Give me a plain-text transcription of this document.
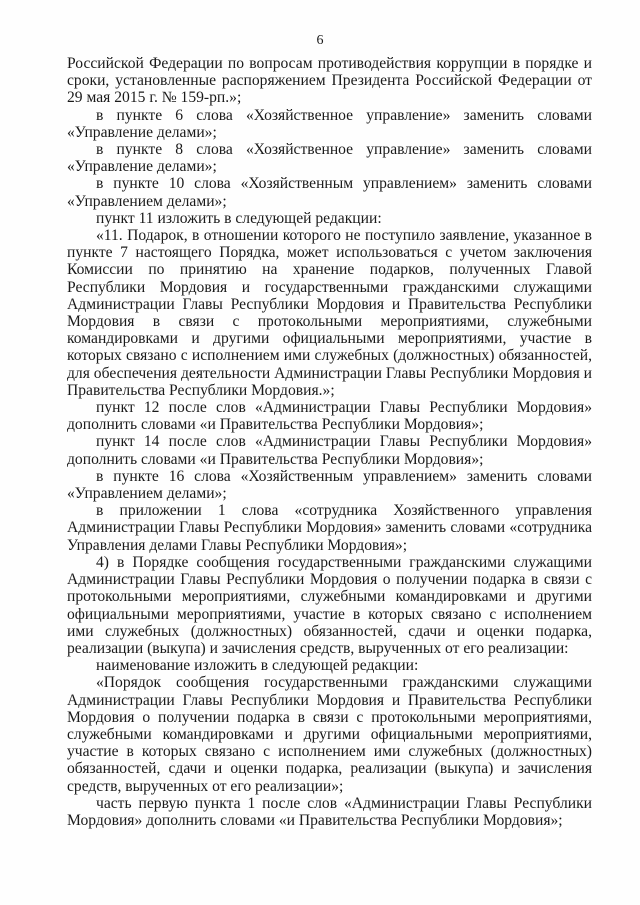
6

Российской Федерации по вопросам противодействия коррупции в порядке и сроки, установленные распоряжением Президента Российской Федерации от 29 мая 2015 г. № 159-рп.»;

в пункте 6 слова «Хозяйственное управление» заменить словами «Управление делами»;

в пункте 8 слова «Хозяйственное управление» заменить словами «Управление делами»;

в пункте 10 слова «Хозяйственным управлением» заменить словами «Управлением делами»;

пункт 11 изложить в следующей редакции:

«11. Подарок, в отношении которого не поступило заявление, указанное в пункте 7 настоящего Порядка, может использоваться с учетом заключения Комиссии по принятию на хранение подарков, полученных Главой Республики Мордовия и государственными гражданскими служащими Администрации Главы Республики Мордовия и Правительства Республики Мордовия в связи с протокольными мероприятиями, служебными командировками и другими официальными мероприятиями, участие в которых связано с исполнением ими служебных (должностных) обязанностей, для обеспечения деятельности Администрации Главы Республики Мордовия и Правительства Республики Мордовия.»;

пункт 12 после слов «Администрации Главы Республики Мордовия» дополнить словами «и Правительства Республики Мордовия»;

пункт 14 после слов «Администрации Главы Республики Мордовия» дополнить словами «и Правительства Республики Мордовия»;

в пункте 16 слова «Хозяйственным управлением» заменить словами «Управлением делами»;

в приложении 1 слова «сотрудника Хозяйственного управления Администрации Главы Республики Мордовия» заменить словами «сотрудника Управления делами Главы Республики Мордовия»;

4) в Порядке сообщения государственными гражданскими служащими Администрации Главы Республики Мордовия о получении подарка в связи с протокольными мероприятиями, служебными командировками и другими официальными мероприятиями, участие в которых связано с исполнением ими служебных (должностных) обязанностей, сдачи и оценки подарка, реализации (выкупа) и зачисления средств, вырученных от его реализации:

наименование изложить в следующей редакции:

«Порядок сообщения государственными гражданскими служащими Администрации Главы Республики Мордовия и Правительства Республики Мордовия о получении подарка в связи с протокольными мероприятиями, служебными командировками и другими официальными мероприятиями, участие в которых связано с исполнением ими служебных (должностных) обязанностей, сдачи и оценки подарка, реализации (выкупа) и зачисления средств, вырученных от его реализации»;

часть первую пункта 1 после слов «Администрации Главы Республики Мордовия» дополнить словами «и Правительства Республики Мордовия»;
